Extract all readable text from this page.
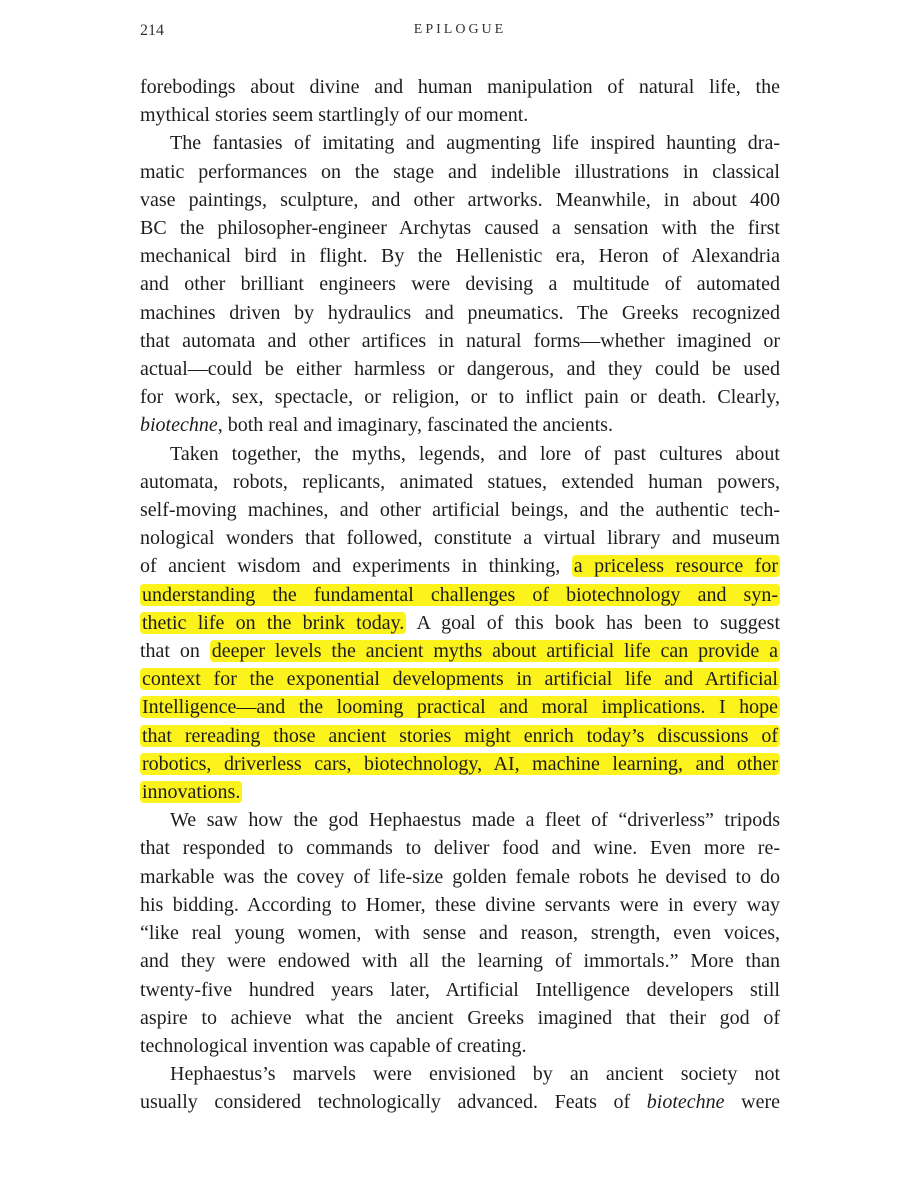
214	EPILOGUE
forebodings about divine and human manipulation of natural life, the
mythical stories seem startlingly of our moment.
The fantasies of imitating and augmenting life inspired haunting dra-
matic performances on the stage and indelible illustrations in classical
vase paintings, sculpture, and other artworks. Meanwhile, in about 400
BC the philosopher-engineer Archytas caused a sensation with the first
mechanical bird in flight. By the Hellenistic era, Heron of Alexandria
and other brilliant engineers were devising a multitude of automated
machines driven by hydraulics and pneumatics. The Greeks recognized
that automata and other artifices in natural forms—whether imagined or
actual—could be either harmless or dangerous, and they could be used
for work, sex, spectacle, or religion, or to inflict pain or death. Clearly,
biotechne, both real and imaginary, fascinated the ancients.
Taken together, the myths, legends, and lore of past cultures about
automata, robots, replicants, animated statues, extended human powers,
self-moving machines, and other artificial beings, and the authentic tech-
nological wonders that followed, constitute a virtual library and museum
of ancient wisdom and experiments in thinking, a priceless resource for
understanding the fundamental challenges of biotechnology and syn-
thetic life on the brink today. A goal of this book has been to suggest
that on deeper levels the ancient myths about artificial life can provide a
context for the exponential developments in artificial life and Artificial
Intelligence—and the looming practical and moral implications. I hope
that rereading those ancient stories might enrich today’s discussions of
robotics, driverless cars, biotechnology, AI, machine learning, and other
innovations.
We saw how the god Hephaestus made a fleet of “driverless” tripods
that responded to commands to deliver food and wine. Even more re-
markable was the covey of life-size golden female robots he devised to do
his bidding. According to Homer, these divine servants were in every way
“like real young women, with sense and reason, strength, even voices,
and they were endowed with all the learning of immortals.” More than
twenty-five hundred years later, Artificial Intelligence developers still
aspire to achieve what the ancient Greeks imagined that their god of
technological invention was capable of creating.
Hephaestus’s marvels were envisioned by an ancient society not
usually considered technologically advanced. Feats of biotechne were
